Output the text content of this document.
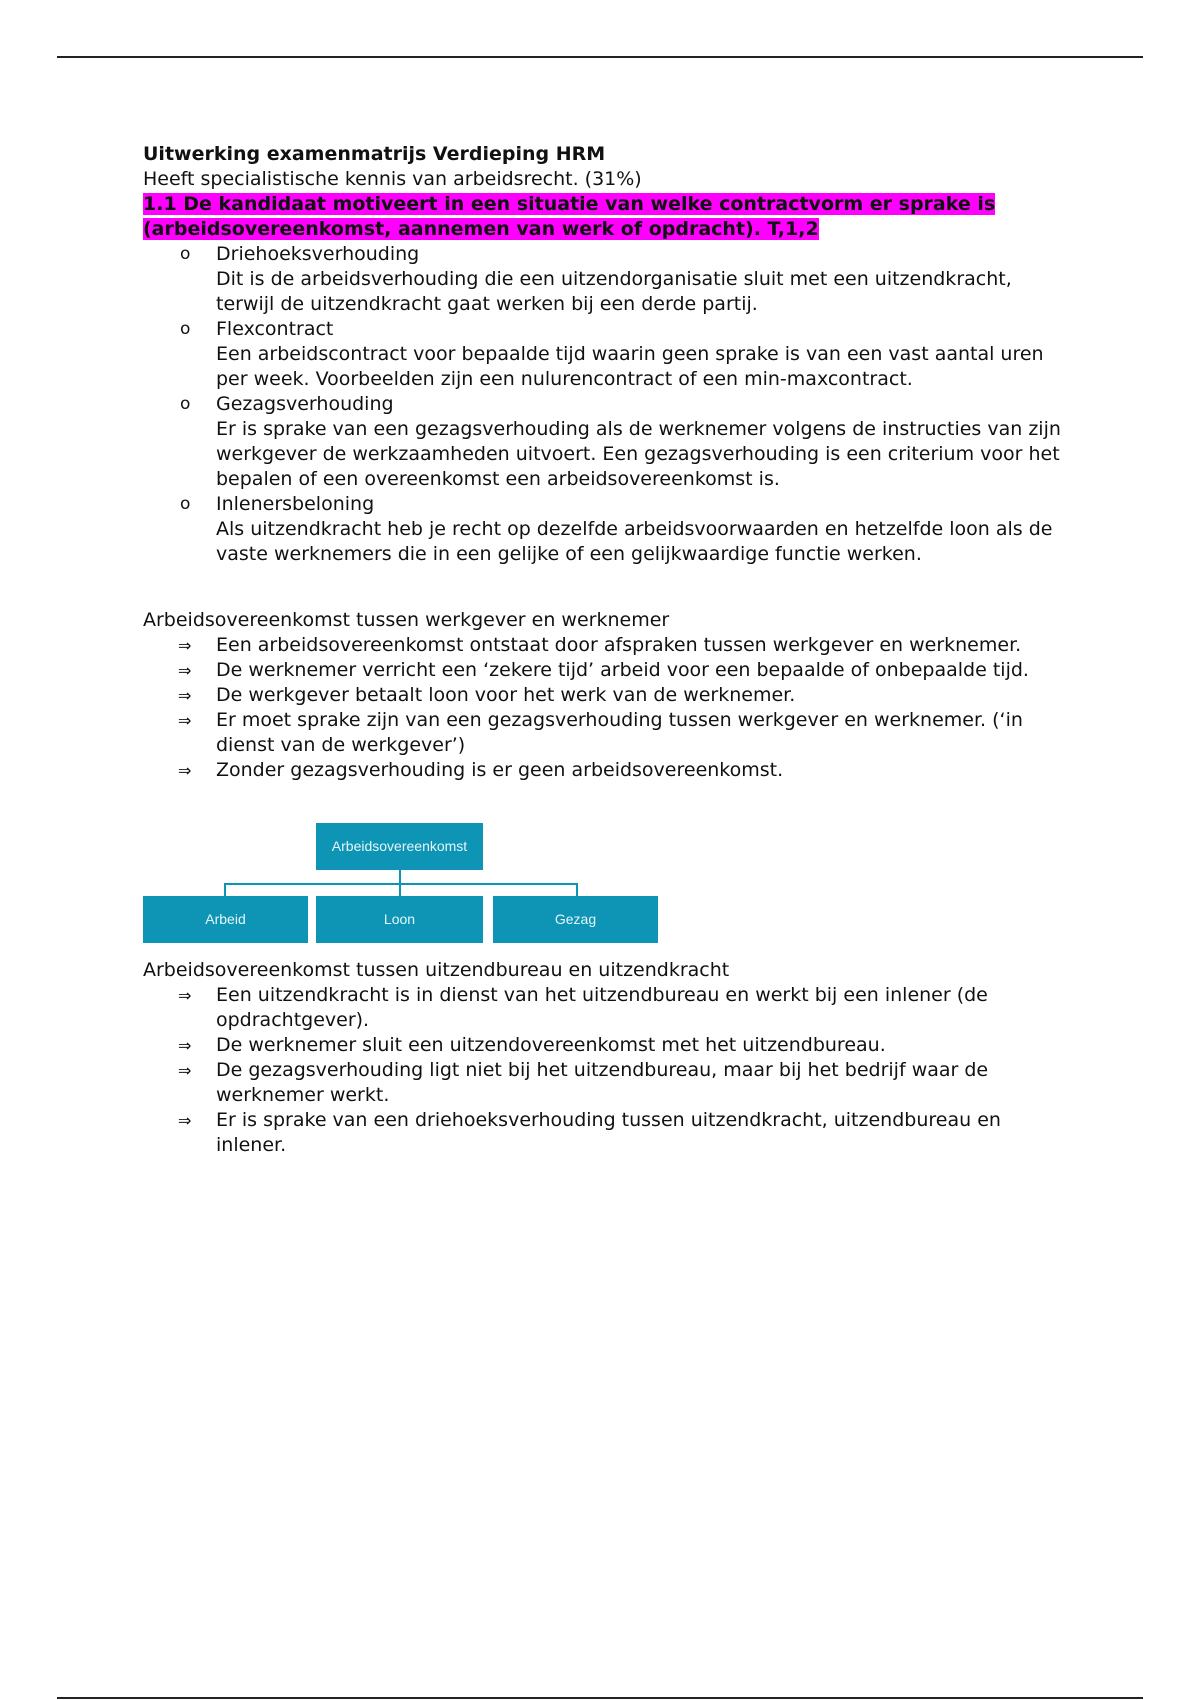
Uitwerking examenmatrijs Verdieping HRM
Heeft specialistische kennis van arbeidsrecht. (31%)
1.1 De kandidaat motiveert in een situatie van welke contractvorm er sprake is (arbeidsovereenkomst, aannemen van werk of opdracht). T,1,2
o Driehoeksverhouding
Dit is de arbeidsverhouding die een uitzendorganisatie sluit met een uitzendkracht, terwijl de uitzendkracht gaat werken bij een derde partij.
o Flexcontract
Een arbeidscontract voor bepaalde tijd waarin geen sprake is van een vast aantal uren per week. Voorbeelden zijn een nulurencontract of een min-maxcontract.
o Gezagsverhouding
Er is sprake van een gezagsverhouding als de werknemer volgens de instructies van zijn werkgever de werkzaamheden uitvoert. Een gezagsverhouding is een criterium voor het bepalen of een overeenkomst een arbeidsovereenkomst is.
o Inlenersbeloning
Als uitzendkracht heb je recht op dezelfde arbeidsvoorwaarden en hetzelfde loon als de vaste werknemers die in een gelijke of een gelijkwaardige functie werken.

Arbeidsovereenkomst tussen werkgever en werknemer

⇒ Een arbeidsovereenkomst ontstaat door afspraken tussen werkgever en werknemer.
⇒ De werknemer verricht een ‘zekere tijd’ arbeid voor een bepaalde of onbepaalde tijd.
⇒ De werkgever betaalt loon voor het werk van de werknemer.
⇒ Er moet sprake zijn van een gezagsverhouding tussen werkgever en werknemer. (‘in dienst van de werkgever’)
⇒ Zonder gezagsverhouding is er geen arbeidsovereenkomst.
Arbeidsovereenkomst
Arbeid	Loon	Gezag

Arbeidsovereenkomst tussen uitzendbureau en uitzendkracht

⇒ Een uitzendkracht is in dienst van het uitzendbureau en werkt bij een inlener (de opdrachtgever).
⇒ De werknemer sluit een uitzendovereenkomst met het uitzendbureau.
⇒ De gezagsverhouding ligt niet bij het uitzendbureau, maar bij het bedrijf waar de werknemer werkt.
⇒ Er is sprake van een driehoeksverhouding tussen uitzendkracht, uitzendbureau en inlener.
